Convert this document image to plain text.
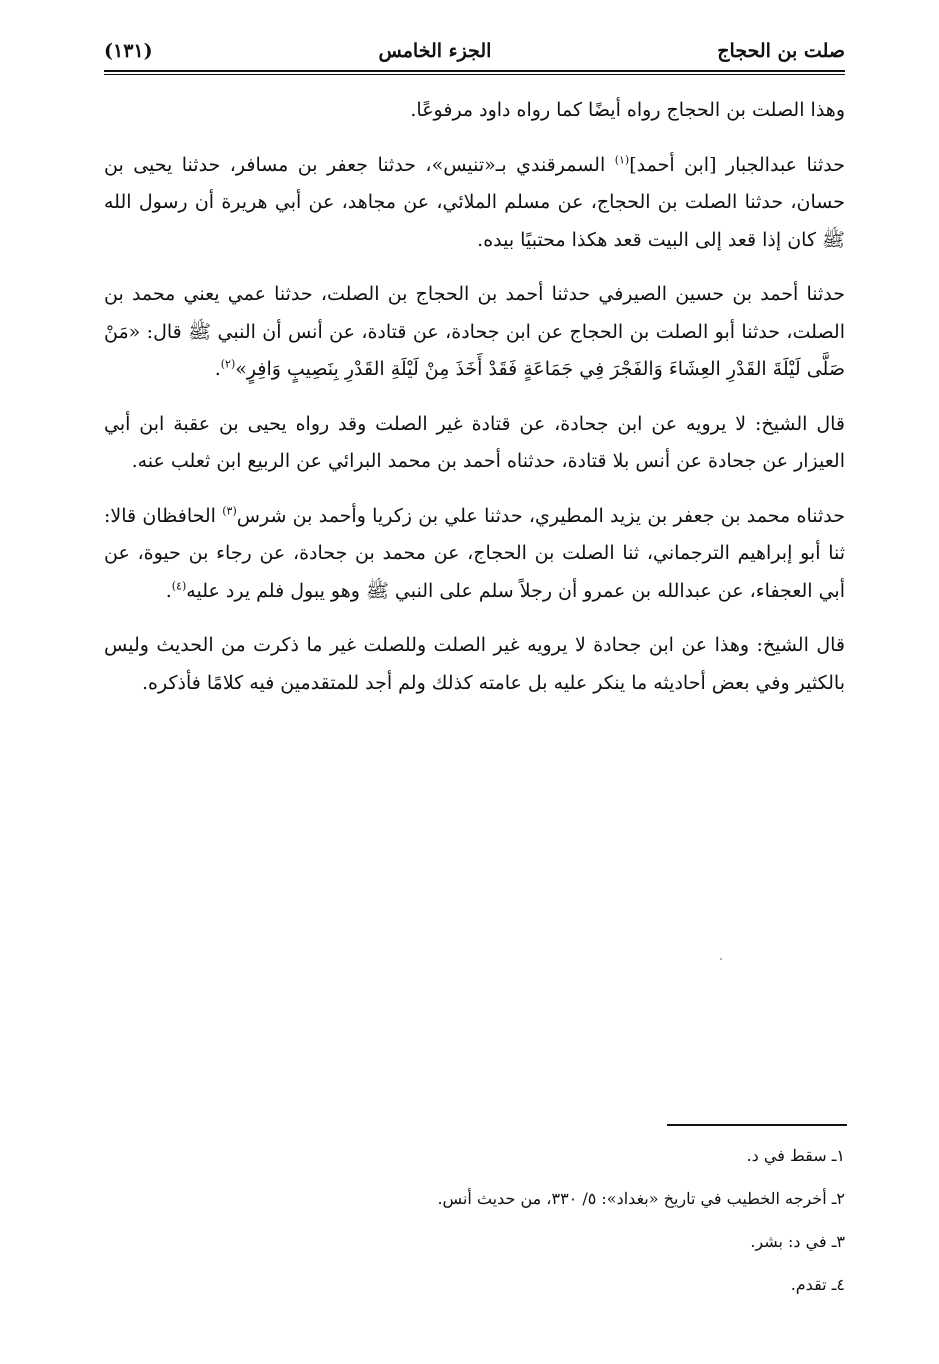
صلت بن الحجاج
الجزء الخامس
(١٣١)

وهذا الصلت بن الحجاج رواه أيضًا كما رواه داود مرفوعًا.

حدثنا عبدالجبار [ابن أحمد]$^{(١)}$ السمرقندي بـ«تنيس»، حدثنا جعفر بن مسافر، حدثنا يحيى بن حسان، حدثنا الصلت بن الحجاج، عن مسلم الملائي، عن مجاهد، عن أبي هريرة أن رسول الله ﷺ كان إذا قعد إلى البيت قعد هكذا محتبيًا بيده.

حدثنا أحمد بن حسين الصيرفي حدثنا أحمد بن الحجاج بن الصلت، حدثنا عمي يعني محمد بن الصلت، حدثنا أبو الصلت بن الحجاج عن ابن جحادة، عن قتادة، عن أنس أن النبي ﷺ قال: «مَنْ صَلَّى لَيْلَةَ القَدْرِ العِشَاءَ وَالفَجْرَ فِي جَمَاعَةٍ فَقَدْ أَخَذَ مِنْ لَيْلَةِ القَدْرِ بِنَصِيبٍ وَافِرٍ»$^{(٢)}$.

قال الشيخ: لا يرويه عن ابن جحادة، عن قتادة غير الصلت وقد رواه يحيى بن عقبة ابن أبي العيزار عن جحادة عن أنس بلا قتادة، حدثناه أحمد بن محمد البرائي عن الربيع ابن ثعلب عنه.

حدثناه محمد بن جعفر بن يزيد المطيري، حدثنا علي بن زكريا وأحمد بن شرس$^{(٣)}$ الحافظان قالا: ثنا أبو إبراهيم الترجماني، ثنا الصلت بن الحجاج، عن محمد بن جحادة، عن رجاء بن حيوة، عن أبي العجفاء، عن عبدالله بن عمرو أن رجلاً سلم على النبي ﷺ وهو يبول فلم يرد عليه$^{(٤)}$.

قال الشيخ: وهذا عن ابن جحادة لا يرويه غير الصلت وللصلت غير ما ذكرت من الحديث وليس بالكثير وفي بعض أحاديثه ما ينكر عليه بل عامته كذلك ولم أجد للمتقدمين فيه كلامًا فأذكره.

١ـ سقط في د.
٢ـ أخرجه الخطيب في تاريخ «بغداد»: ٥/ ٣٣٠، من حديث أنس.
٣ـ في د: بشر.
٤ـ تقدم.
